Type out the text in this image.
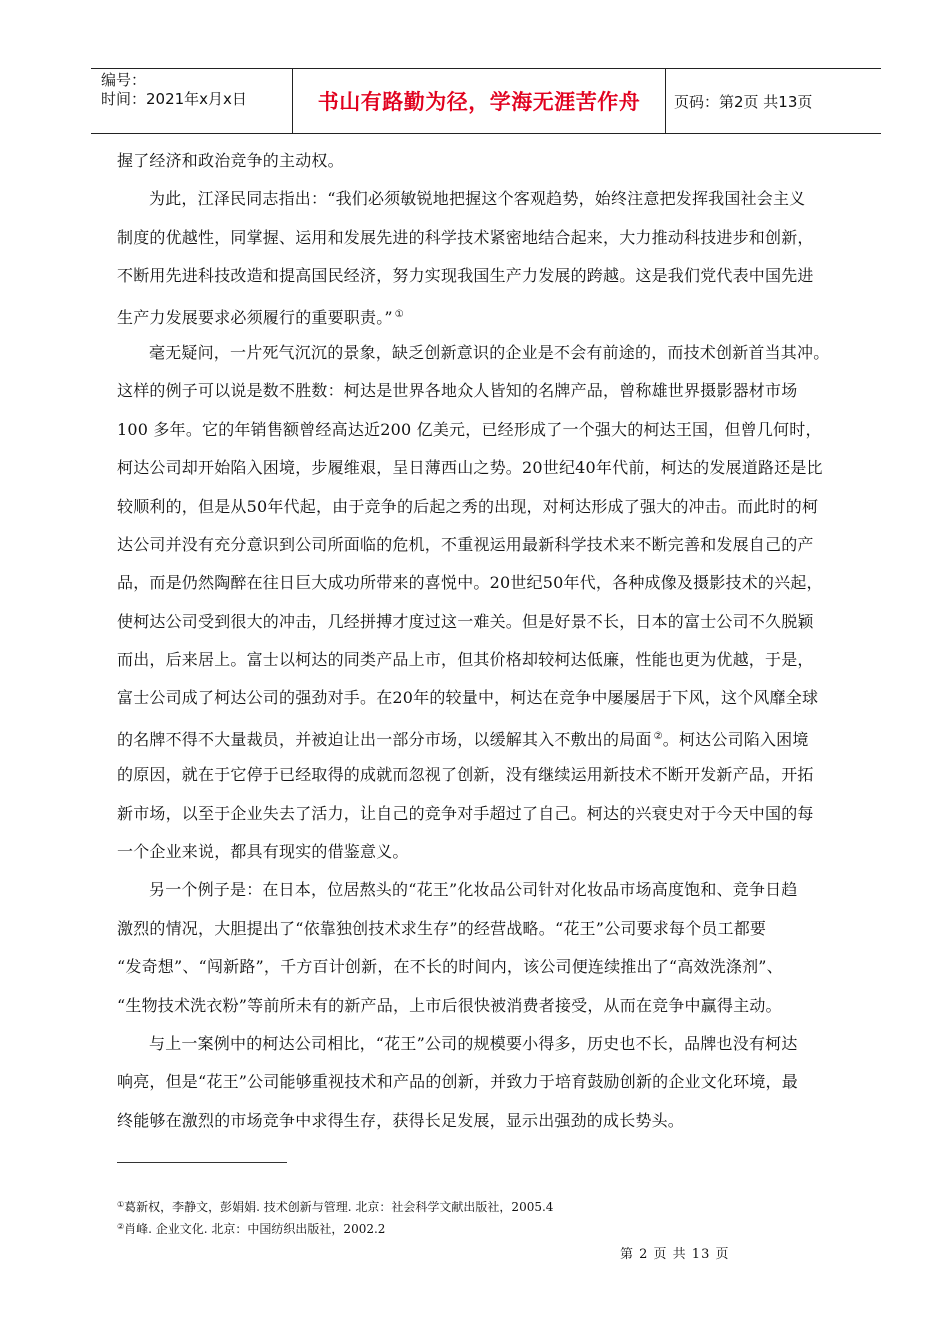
编号：
时间：2021年x月x日	书山有路勤为径，学海无涯苦作舟	页码：第2页 共13页
握了经济和政治竞争的主动权。
为此，江泽民同志指出：“我们必须敏锐地把握这个客观趋势，始终注意把发挥我国社会主义
制度的优越性，同掌握、运用和发展先进的科学技术紧密地结合起来，大力推动科技进步和创新，
不断用先进科技改造和提高国民经济，努力实现我国生产力发展的跨越。这是我们党代表中国先进
生产力发展要求必须履行的重要职责。” ①
毫无疑问，一片死气沉沉的景象，缺乏创新意识的企业是不会有前途的，而技术创新首当其冲。
这样的例子可以说是数不胜数：柯达是世界各地众人皆知的名牌产品，曾称雄世界摄影器材市场
100 多年。它的年销售额曾经高达近200 亿美元，已经形成了一个强大的柯达王国，但曾几何时，
柯达公司却开始陷入困境，步履维艰，呈日薄西山之势。20世纪40年代前，柯达的发展道路还是比
较顺利的，但是从50年代起，由于竞争的后起之秀的出现，对柯达形成了强大的冲击。而此时的柯
达公司并没有充分意识到公司所面临的危机，不重视运用最新科学技术来不断完善和发展自己的产
品，而是仍然陶醉在往日巨大成功所带来的喜悦中。20世纪50年代，各种成像及摄影技术的兴起，
使柯达公司受到很大的冲击，几经拼搏才度过这一难关。但是好景不长，日本的富士公司不久脱颖
而出，后来居上。富士以柯达的同类产品上市，但其价格却较柯达低廉，性能也更为优越，于是，
富士公司成了柯达公司的强劲对手。在20年的较量中，柯达在竞争中屡屡居于下风，这个风靡全球
的名牌不得不大量裁员，并被迫让出一部分市场，以缓解其入不敷出的局面 ②。柯达公司陷入困境
的原因，就在于它停于已经取得的成就而忽视了创新，没有继续运用新技术不断开发新产品，开拓
新市场，以至于企业失去了活力，让自己的竞争对手超过了自己。柯达的兴衰史对于今天中国的每
一个企业来说，都具有现实的借鉴意义。
另一个例子是：在日本，位居熬头的“花王”化妆品公司针对化妆品市场高度饱和、竞争日趋
激烈的情况，大胆提出了“依靠独创技术求生存”的经营战略。“花王”公司要求每个员工都要
“发奇想”、“闯新路”，千方百计创新，在不长的时间内，该公司便连续推出了“高效洗涤剂”、
“生物技术洗衣粉”等前所未有的新产品，上市后很快被消费者接受，从而在竞争中赢得主动。
与上一案例中的柯达公司相比，“花王”公司的规模要小得多，历史也不长，品牌也没有柯达
响亮，但是“花王”公司能够重视技术和产品的创新，并致力于培育鼓励创新的企业文化环境，最
终能够在激烈的市场竞争中求得生存，获得长足发展，显示出强劲的成长势头。
①葛新权，李静文，彭娟娟. 技术创新与管理. 北京：社会科学文献出版社，2005.4
②肖峰. 企业文化. 北京：中国纺织出版社，2002.2
第 2 页 共 13 页
